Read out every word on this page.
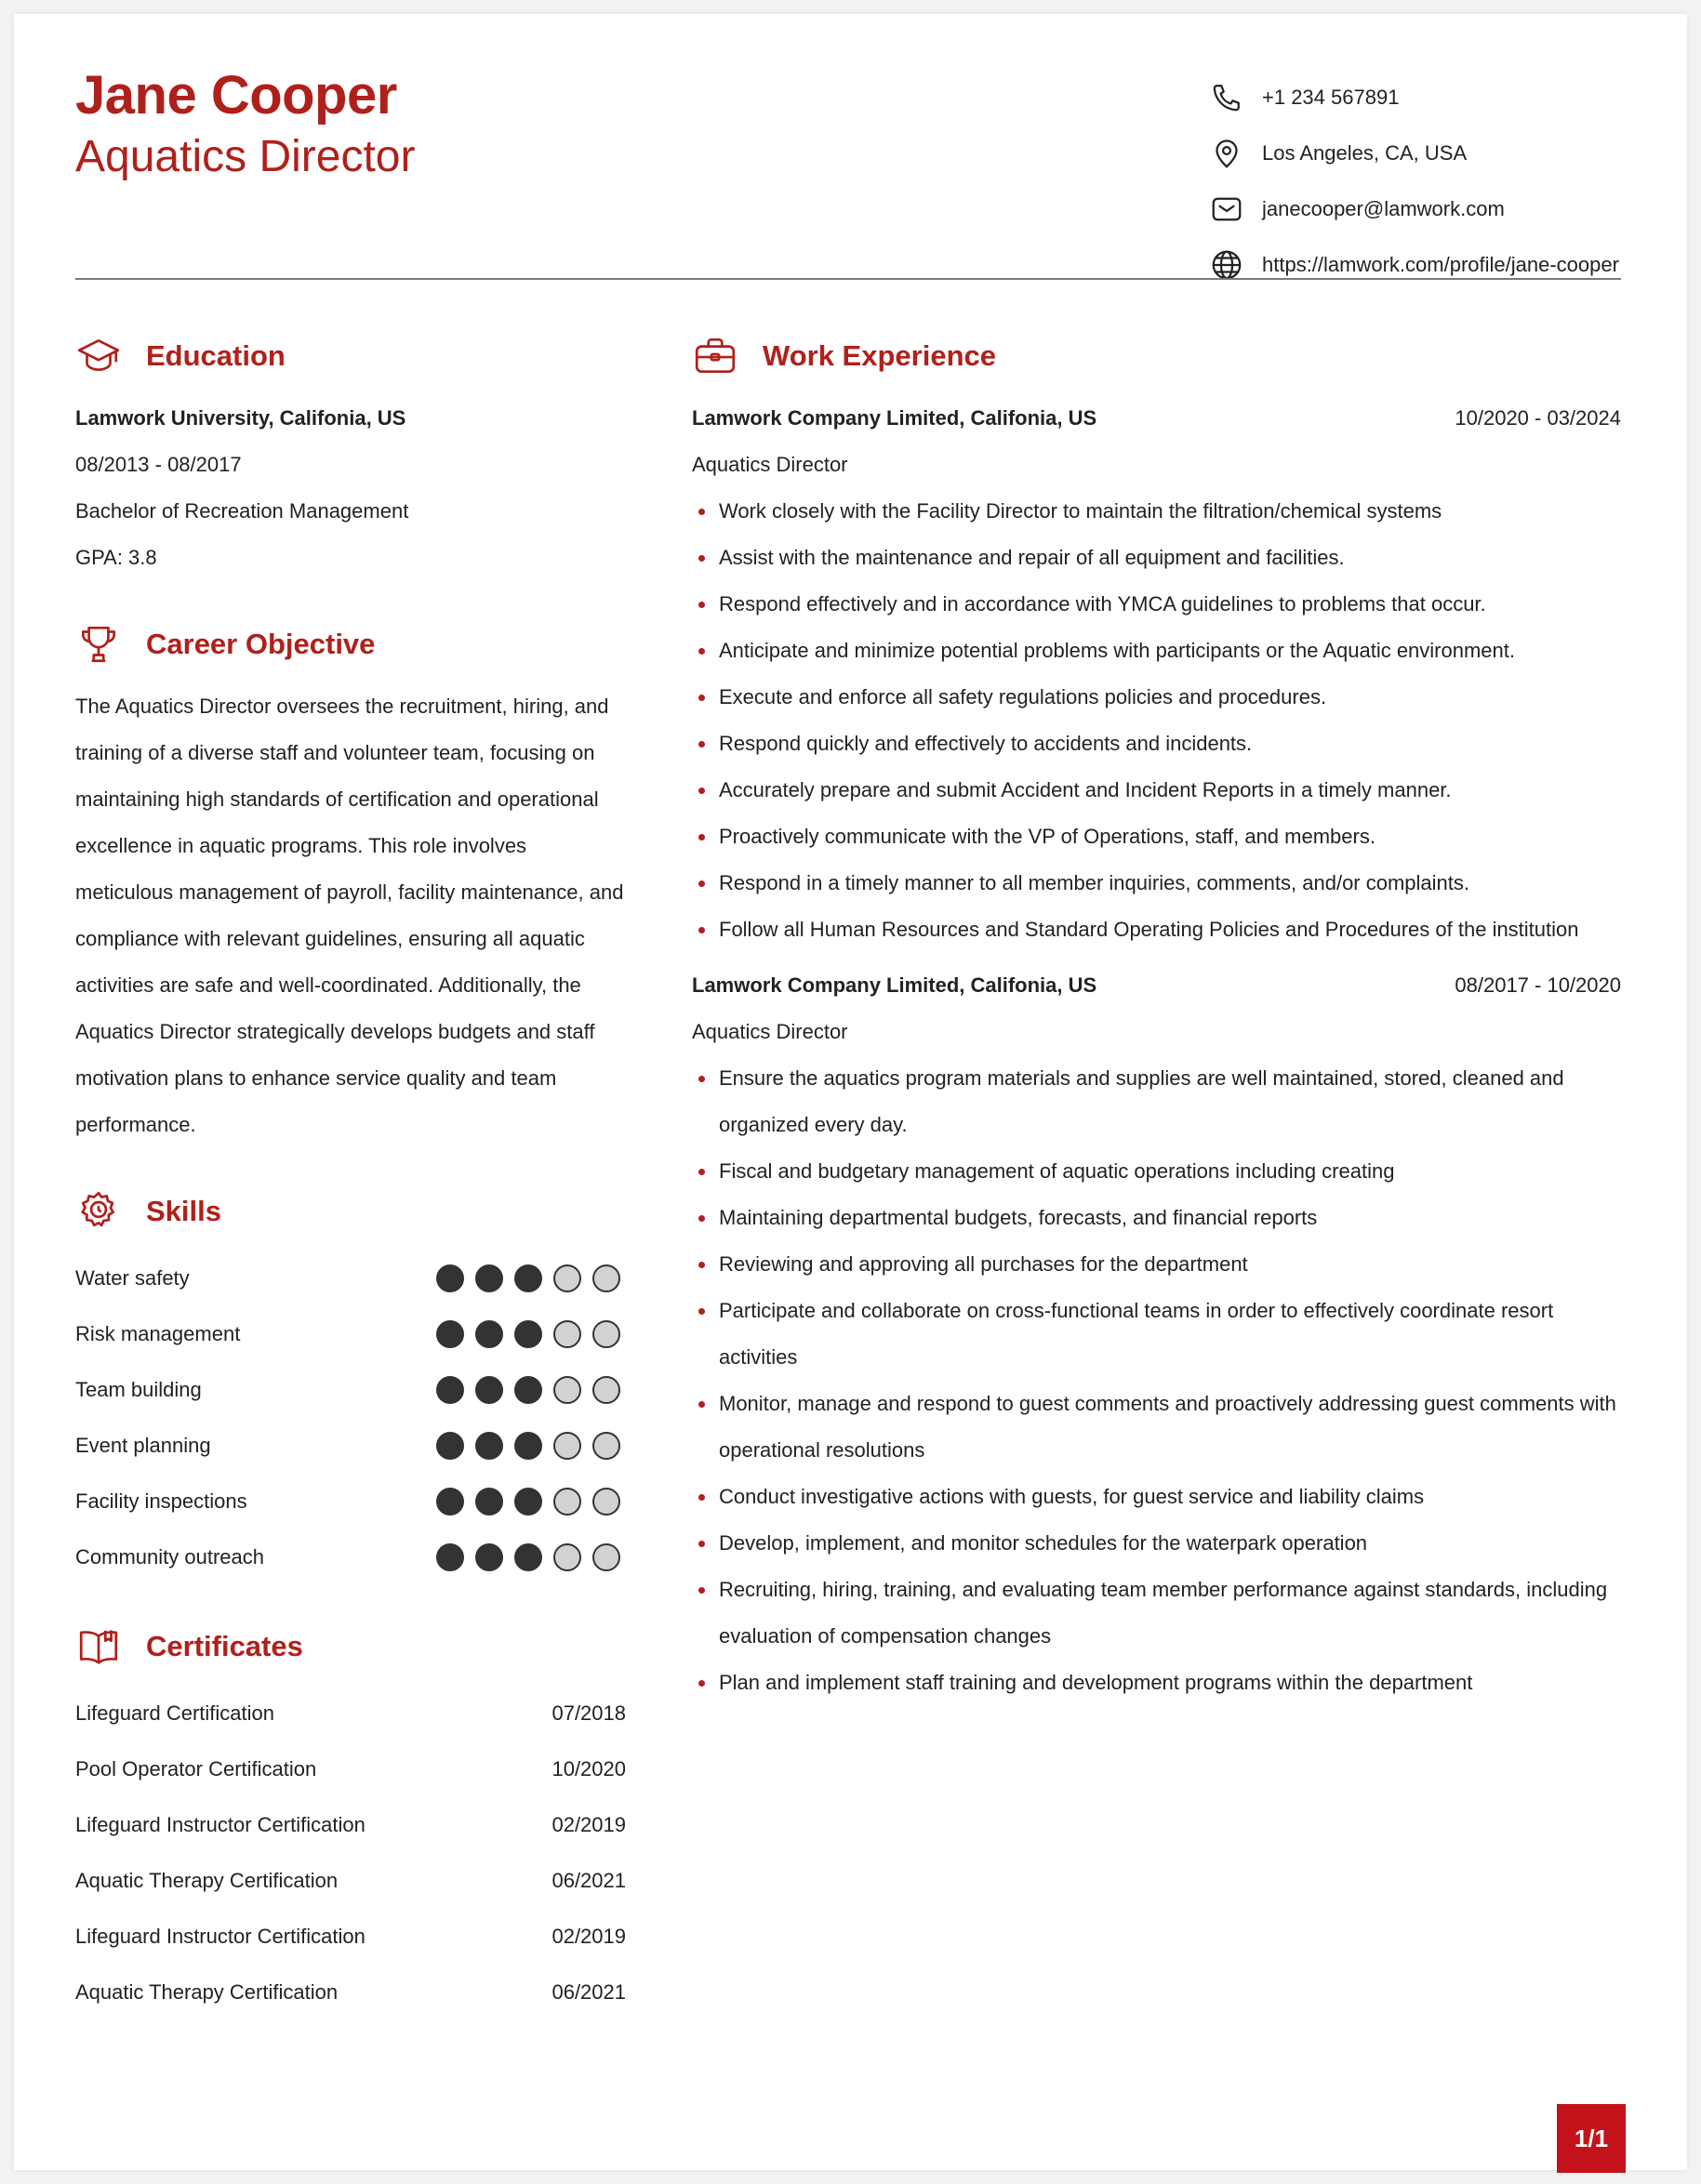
Jane Cooper
Aquatics Director
+1 234 567891
Los Angeles, CA, USA
janecooper@lamwork.com
https://lamwork.com/profile/jane-cooper
Education
Lamwork University, Califonia, US
08/2013 - 08/2017
Bachelor of Recreation Management
GPA: 3.8
Career Objective

The Aquatics Director oversees the recruitment, hiring, and training of a diverse staff and volunteer team, focusing on maintaining high standards of certification and operational excellence in aquatic programs. This role involves meticulous management of payroll, facility maintenance, and compliance with relevant guidelines, ensuring all aquatic activities are safe and well-coordinated. Additionally, the Aquatics Director strategically develops budgets and staff motivation plans to enhance service quality and team performance.

Skills
Water safety
Risk management
Team building
Event planning
Facility inspections
Community outreach
Certificates
Lifeguard Certification	07/2018
Pool Operator Certification	10/2020
Lifeguard Instructor Certification	02/2019
Aquatic Therapy Certification	06/2021
Lifeguard Instructor Certification	02/2019
Aquatic Therapy Certification	06/2021
Work Experience
Lamwork Company Limited, Califonia, US	10/2020 - 03/2024
Aquatics Director
Work closely with the Facility Director to maintain the filtration/chemical systems
Assist with the maintenance and repair of all equipment and facilities.
Respond effectively and in accordance with YMCA guidelines to problems that occur.
Anticipate and minimize potential problems with participants or the Aquatic environment.
Execute and enforce all safety regulations policies and procedures.
Respond quickly and effectively to accidents and incidents.
Accurately prepare and submit Accident and Incident Reports in a timely manner.
Proactively communicate with the VP of Operations, staff, and members.
Respond in a timely manner to all member inquiries, comments, and/or complaints.
Follow all Human Resources and Standard Operating Policies and Procedures of the institution
Lamwork Company Limited, Califonia, US	08/2017 - 10/2020
Aquatics Director
Ensure the aquatics program materials and supplies are well maintained, stored, cleaned and organized every day.
Fiscal and budgetary management of aquatic operations including creating
Maintaining departmental budgets, forecasts, and financial reports
Reviewing and approving all purchases for the department
Participate and collaborate on cross-functional teams in order to effectively coordinate resort activities
Monitor, manage and respond to guest comments and proactively addressing guest comments with operational resolutions
Conduct investigative actions with guests, for guest service and liability claims
Develop, implement, and monitor schedules for the waterpark operation
Recruiting, hiring, training, and evaluating team member performance against standards, including evaluation of compensation changes
Plan and implement staff training and development programs within the department
1/1
